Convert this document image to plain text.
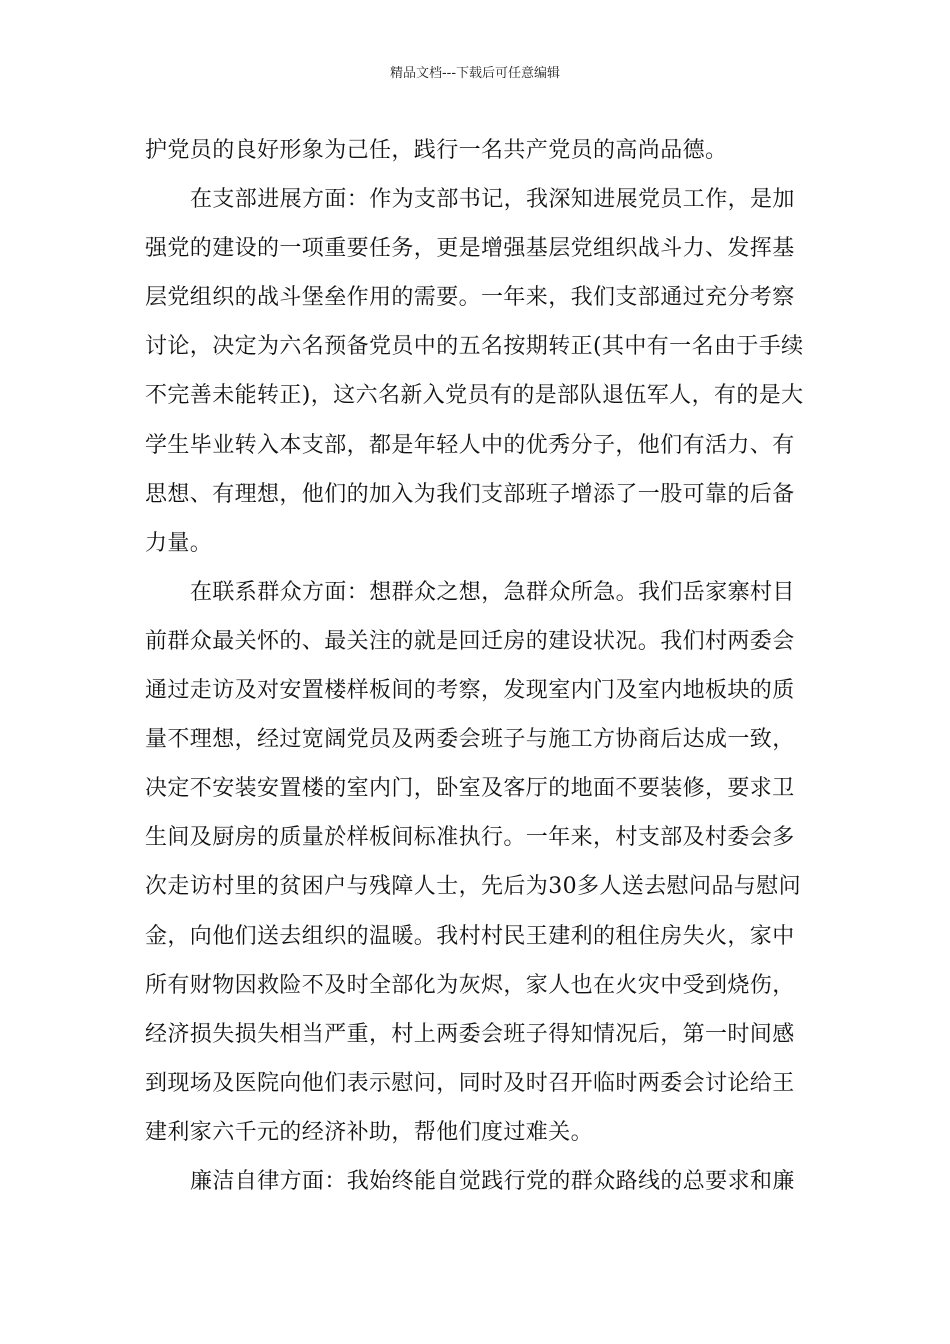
精品文档---下载后可任意编辑
护党员的良好形象为己任，践行一名共产党员的高尚品德。
在支部进展方面：作为支部书记，我深知进展党员工作，是加
强党的建设的一项重要任务，更是增强基层党组织战斗力、发挥基
层党组织的战斗堡垒作用的需要。一年来，我们支部通过充分考察
讨论，决定为六名预备党员中的五名按期转正(其中有一名由于手续
不完善未能转正)，这六名新入党员有的是部队退伍军人，有的是大
学生毕业转入本支部，都是年轻人中的优秀分子，他们有活力、有
思想、有理想，他们的加入为我们支部班子增添了一股可靠的后备
力量。
在联系群众方面：想群众之想，急群众所急。我们岳家寨村目
前群众最关怀的、最关注的就是回迁房的建设状况。我们村两委会
通过走访及对安置楼样板间的考察，发现室内门及室内地板块的质
量不理想，经过宽阔党员及两委会班子与施工方协商后达成一致，
决定不安装安置楼的室内门，卧室及客厅的地面不要装修，要求卫
生间及厨房的质量於样板间标准执行。一年来，村支部及村委会多
次走访村里的贫困户与残障人士，先后为30多人送去慰问品与慰问
金，向他们送去组织的温暖。我村村民王建利的租住房失火，家中
所有财物因救险不及时全部化为灰烬，家人也在火灾中受到烧伤，
经济损失损失相当严重，村上两委会班子得知情况后，第一时间感
到现场及医院向他们表示慰问，同时及时召开临时两委会讨论给王
建利家六千元的经济补助，帮他们度过难关。
廉洁自律方面：我始终能自觉践行党的群众路线的总要求和廉
